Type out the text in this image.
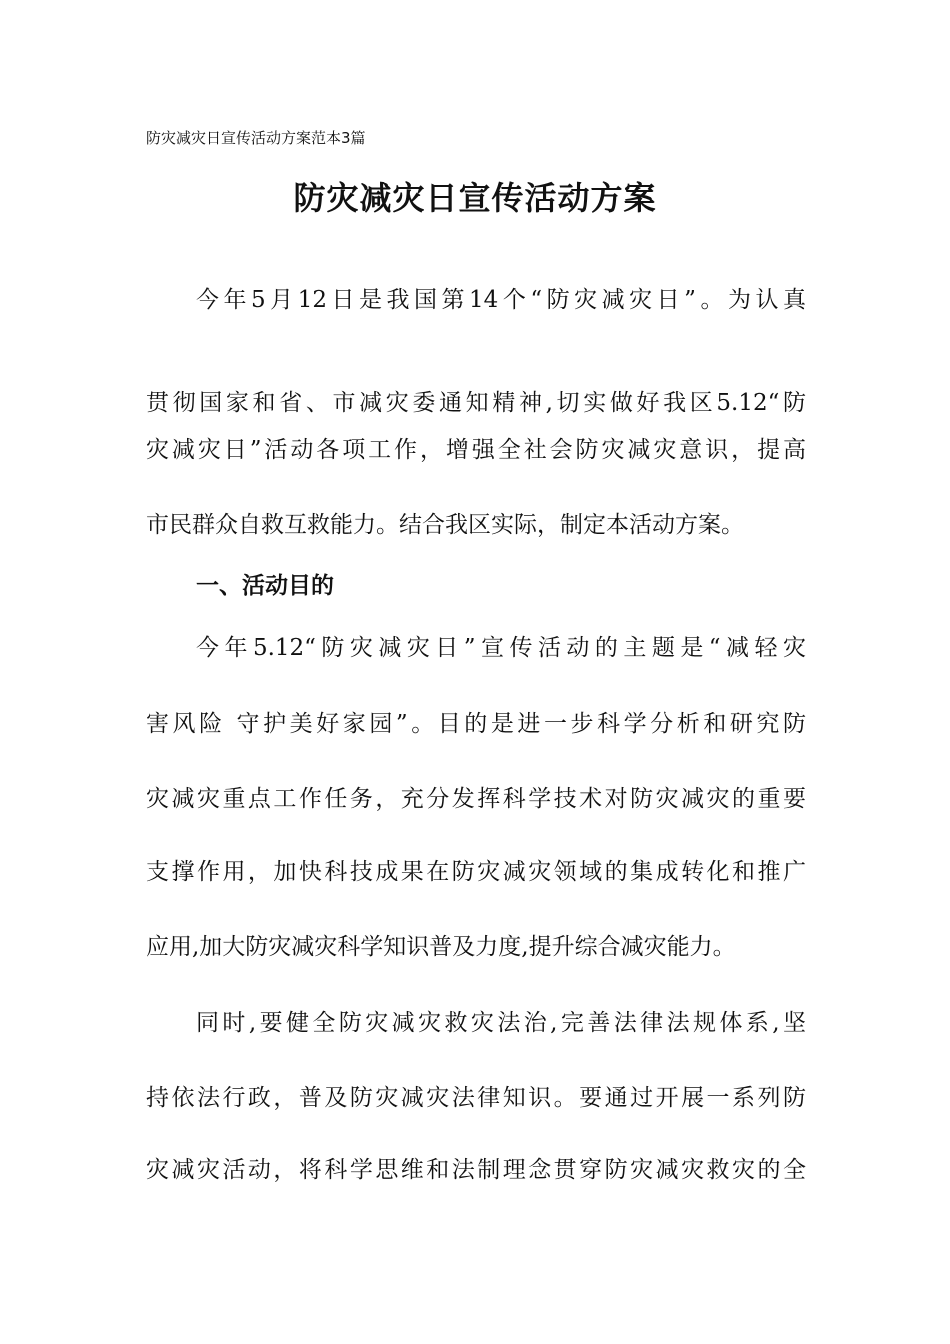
防灾减灾日宣传活动方案范本3篇
防灾减灾日宣传活动方案
今年5月12日是我国第14个“防灾减灾日”。为认真
贯彻国家和省、市减灾委通知精神,切实做好我区5.12“防
灾减灾日”活动各项工作，增强全社会防灾减灾意识，提高
市民群众自救互救能力。结合我区实际，制定本活动方案。
一、活动目的
今年5.12“防灾减灾日”宣传活动的主题是“减轻灾
害风险 守护美好家园”。目的是进一步科学分析和研究防
灾减灾重点工作任务，充分发挥科学技术对防灾减灾的重要
支撑作用，加快科技成果在防灾减灾领域的集成转化和推广
应用,加大防灾减灾科学知识普及力度,提升综合减灾能力。
同时,要健全防灾减灾救灾法治,完善法律法规体系,坚
持依法行政，普及防灾减灾法律知识。要通过开展一系列防
灾减灾活动，将科学思维和法制理念贯穿防灾减灾救灾的全
